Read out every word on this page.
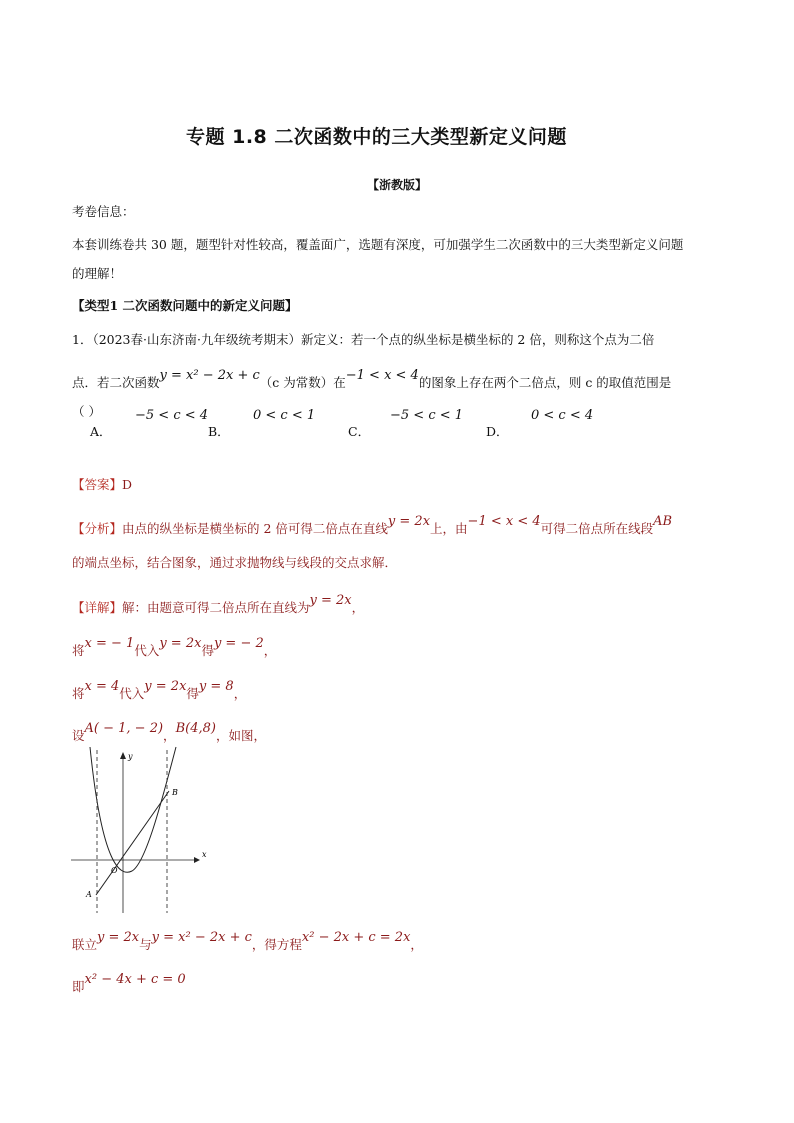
专题 1.8 二次函数中的三大类型新定义问题
【浙教版】
考卷信息：
本套训练卷共 30 题，题型针对性较高，覆盖面广，选题有深度，可加强学生二次函数中的三大类型新定义问题
的理解！
【类型1 二次函数问题中的新定义问题】
1．（2023春·山东济南·九年级统考期末）新定义：若一个点的纵坐标是横坐标的 2 倍，则称这个点为二倍
点．若二次函数y = x² − 2x + c（c 为常数）在−1 < x < 4的图象上存在两个二倍点，则 c 的取值范围是
（ ）	−5 < c < 4
A．	B．
0 < c < 1
C．
−5 < c < 1
D．
0 < c < 4
【答案】D
【分析】由点的纵坐标是横坐标的 2 倍可得二倍点在直线y = 2x上，由−1 < x < 4可得二倍点所在线段AB
的端点坐标，结合图象，通过求抛物线与线段的交点求解．
【详解】解：由题意可得二倍点所在直线为y = 2x，
将x = − 1代入y = 2x得y = − 2，
将x = 4代入y = 2x得y = 8，
设A( − 1, − 2)，B(4,8)，如图，
x
y
O
A
B
联立y = 2x与y = x² − 2x + c，得方程x² − 2x + c = 2x，
即x² − 4x + c = 0
